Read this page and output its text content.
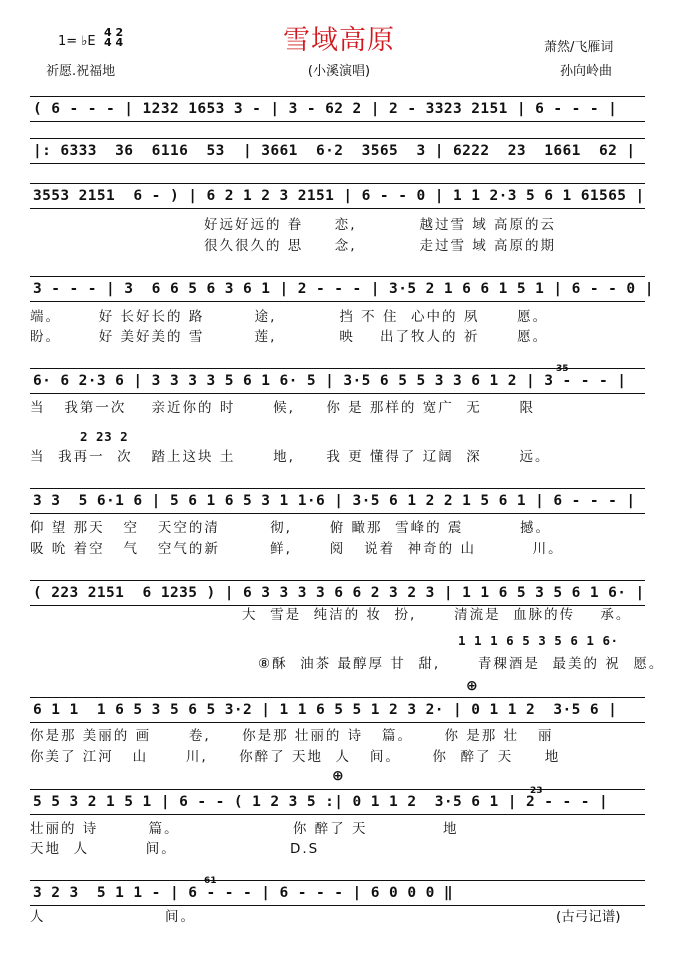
1= ♭E
4 2
4 4
祈愿.祝福地
雪域高原
(小溪演唱)
萧然/飞雁词
孙向岭曲
( 6 - - - | 1232 1653 3 - | 3 - 62 2 | 2 - 3323 2151 | 6 - - - |
|: 6333  36  6116  53  | 3661  6·2  3565  3 | 6222  23  1661  62 |
3553 2151  6 - ) | 6 2 1 2 3 2151 | 6 - - 0 | 1 1 2·3 5 6 1 61565 |
好远好远的 眷     恋,          越过雪 域 高原的云
很久很久的 思     念,          走过雪 域 高原的期
3 - - - | 3  6 6 5 6 3 6 1 | 2 - - - | 3·5 2 1 6 6 1 5 1 | 6 - - 0 |
端。      好 长好长的 路        途,          挡 不 住  心中的 夙      愿。
盼。      好 美好美的 雪        莲,          映    出了牧人的 祈      愿。
6· 6 2·3 6 | 3 3 3 3 5 6 1 6· 5 | 3·5 6 5 5 3 3 6 1 2 | 3 - - - |
35
当   我第一次    亲近你的 时      候,     你 是 那样的 宽广  无      限
2 23 2
当  我再一  次   踏上这块 土      地,     我 更 懂得了 辽阔  深      远。
3 3  5 6·1 6 | 5 6 1 6 5 3 1 1·6 | 3·5 6 1 2 2 1 5 6 1 | 6 - - - |
仰 望 那天   空   天空的清        彻,      俯 瞰那  雪峰的 震         撼。
吸 吮 着空   气   空气的新        鲜,      阅   说着  神奇的 山         川。
( 223 2151  6 1235 ) | 6 3 3 3 3 6 6 2 3 2 3 | 1 1 6 5 3 5 6 1 6· |
大  雪是  纯洁的 妆  扮,      清流是  血脉的传    承。
1 1 1 6 5 3 5 6 1 6·
⑧酥  油茶 最醇厚 甘  甜,      青稞酒是  最美的 祝  愿。
⊕
6 1 1  1 6 5 3 5 6 5 3·2 | 1 1 6 5 5 1 2 3 2· | 0 1 1 2  3·5 6 |
你是那 美丽的 画      卷,     你是那 壮丽的 诗   篇。     你 是那 壮   丽
你美了 江河   山      川,     你醉了 天地  人   间。     你  醉了 天     地
⊕
5 5 3 2 1 5 1 | 6 - - ( 1 2 3 5 :| 0 1 1 2  3·5 6 1 | 2 - - - |
23
壮丽的 诗        篇。                  你 醉了 天            地
天地  人         间。                  D.S
3 2 3  5 1 1 - | 6 - - - | 6 - - - | 6 0 0 0 ‖
61
人                   间。	(古弓记谱)
